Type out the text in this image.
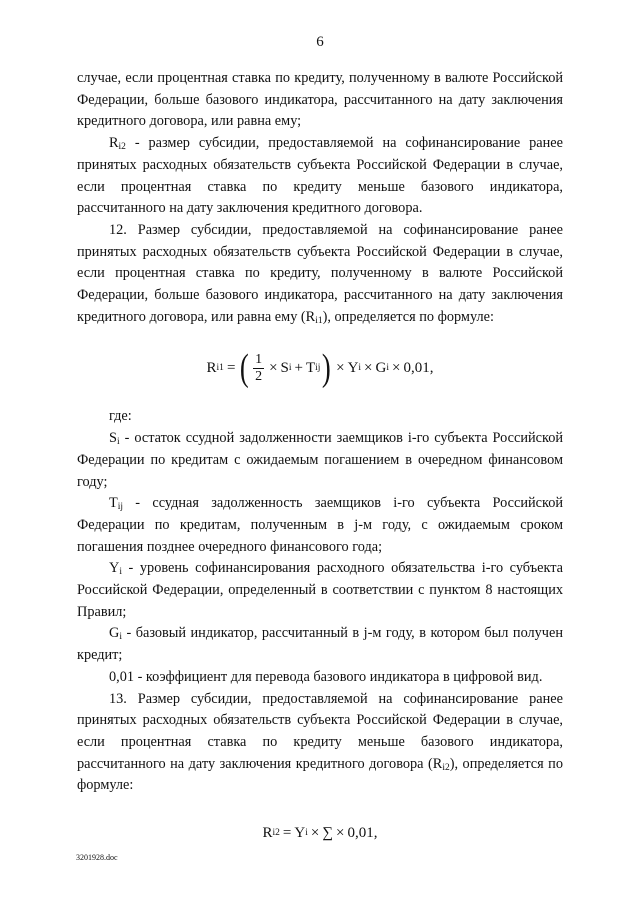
6

случае, если процентная ставка по кредиту, полученному в валюте Российской Федерации, больше базового индикатора, рассчитанного на дату заключения кредитного договора, или равна ему;

$R_{i2}$ - размер субсидии, предоставляемой на софинансирование ранее принятых расходных обязательств субъекта Российской Федерации в случае, если процентная ставка по кредиту меньше базового индикатора, рассчитанного на дату заключения кредитного договора.

12. Размер субсидии, предоставляемой на софинансирование ранее принятых расходных обязательств субъекта Российской Федерации в случае, если процентная ставка по кредиту, полученному в валюте Российской Федерации, больше базового индикатора, рассчитанного на дату заключения кредитного договора, или равна ему $(R_{i1})$, определяется по формуле:

R i1 = ( $\frac{1}{2} \times S$ i + T ij ) × Y i × G i × 0,01,

где:

$S_i$ - остаток ссудной задолженности заемщиков i-го субъекта Российской Федерации по кредитам с ожидаемым погашением в очередном финансовом году;

$T_{ij}$ - ссудная задолженность заемщиков i-го субъекта Российской Федерации по кредитам, полученным в j-м году, с ожидаемым сроком погашения позднее очередного финансового года;

$Y_i$ - уровень софинансирования расходного обязательства i-го субъекта Российской Федерации, определенный в соответствии с пунктом 8 настоящих Правил;

$G_i$ - базовый индикатор, рассчитанный в j-м году, в котором был получен кредит;

0,01 - коэффициент для перевода базового индикатора в цифровой вид.

13. Размер субсидии, предоставляемой на софинансирование ранее принятых расходных обязательств субъекта Российской Федерации в случае, если процентная ставка по кредиту меньше базового индикатора, рассчитанного на дату заключения кредитного договора $(R_{i2})$, определяется по формуле:

R i2 = Y i × ∑ × 0,01,
3201928.doc
